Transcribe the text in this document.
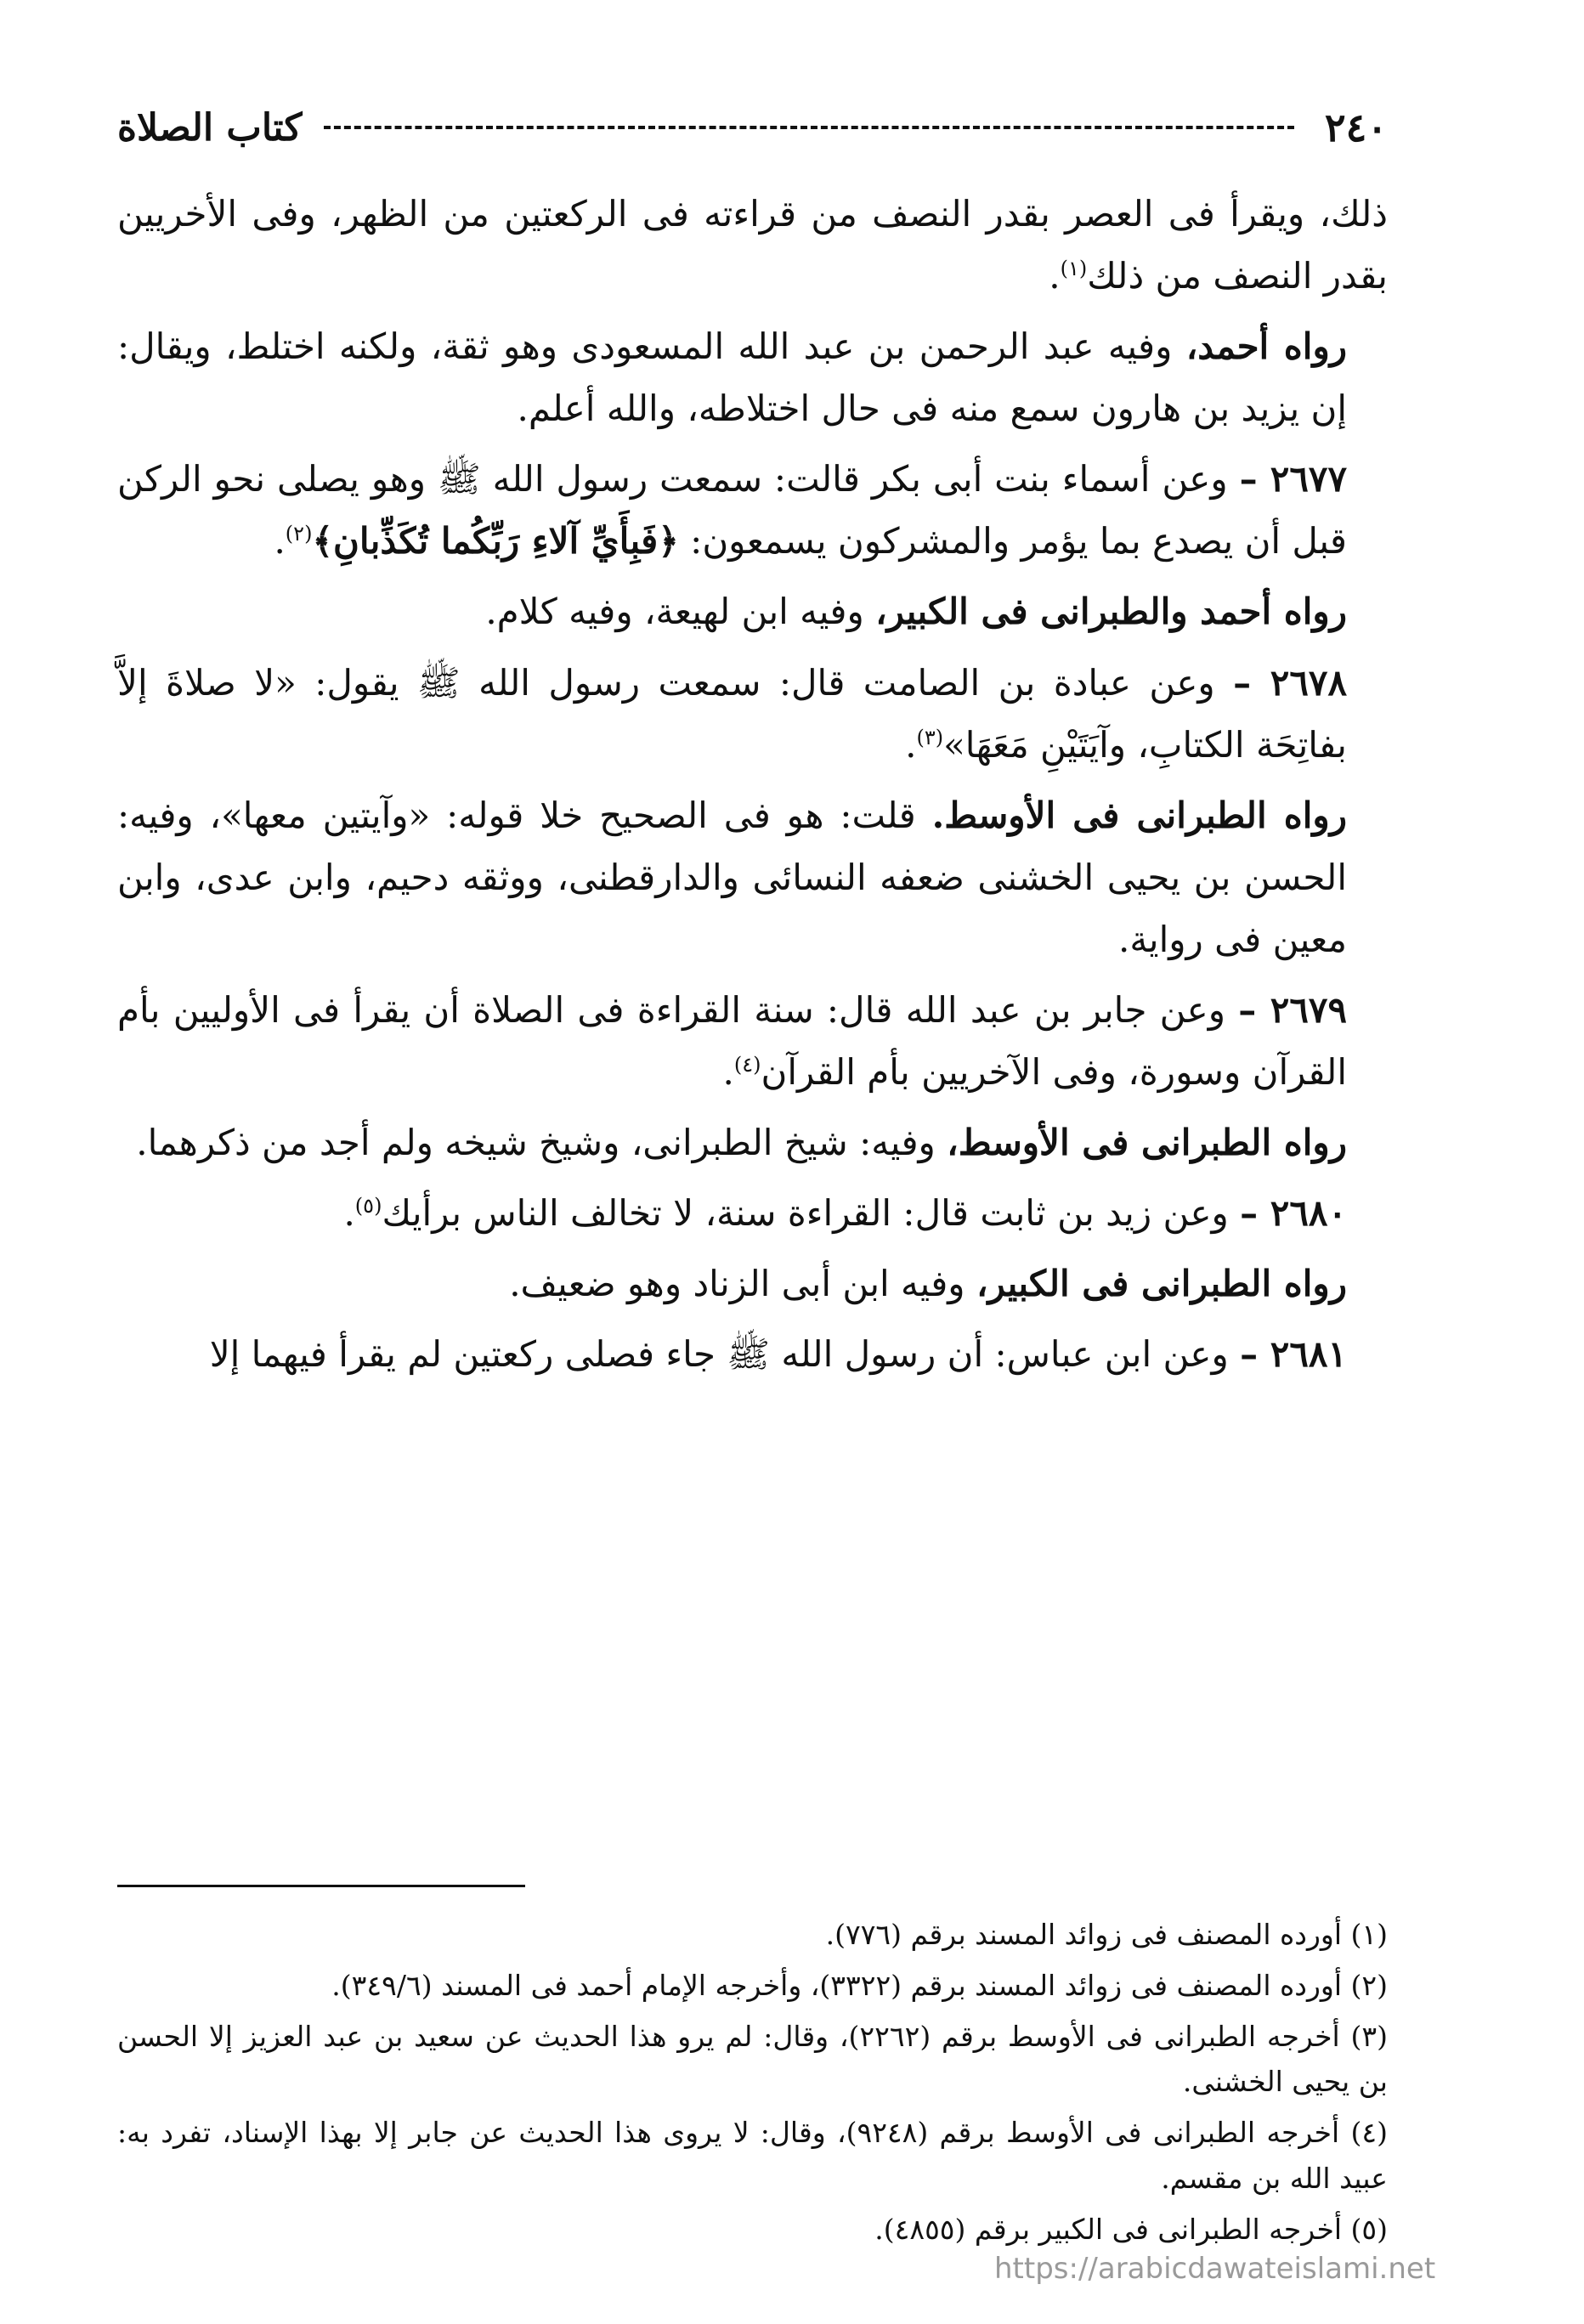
٢٤٠
كتاب الصلاة

ذلك، ويقرأ فى العصر بقدر النصف من قراءته فى الركعتين من الظهر، وفى الأخريين بقدر النصف من ذلك$^{(١)}$.

رواه أحمد، وفيه عبد الرحمن بن عبد الله المسعودى وهو ثقة، ولكنه اختلط، ويقال: إن يزيد بن هارون سمع منه فى حال اختلاطه، والله أعلم.

٢٦٧٧ – وعن أسماء بنت أبى بكر قالت: سمعت رسول الله ﷺ وهو يصلى نحو الركن قبل أن يصدع بما يؤمر والمشركون يسمعون: ﴿فَبِأَيِّ آلاءِ رَبِّكُما تُكَذِّبانِ﴾$^{(٢)}$.

رواه أحمد والطبرانى فى الكبير، وفيه ابن لهيعة، وفيه كلام.

٢٦٧٨ – وعن عبادة بن الصامت قال: سمعت رسول الله ﷺ يقول: «لا صلاةَ إلاَّ بفاتِحَة الكتابِ، وآيَتَيْنِ مَعَهَا»$^{(٣)}$.

رواه الطبرانى فى الأوسط. قلت: هو فى الصحيح خلا قوله: «وآيتين معها»، وفيه: الحسن بن يحيى الخشنى ضعفه النسائى والدارقطنى، ووثقه دحيم، وابن عدى، وابن معين فى رواية.

٢٦٧٩ – وعن جابر بن عبد الله قال: سنة القراءة فى الصلاة أن يقرأ فى الأوليين بأم القرآن وسورة، وفى الآخريين بأم القرآن$^{(٤)}$.

رواه الطبرانى فى الأوسط، وفيه: شيخ الطبرانى، وشيخ شيخه ولم أجد من ذكرهما.

٢٦٨٠ – وعن زيد بن ثابت قال: القراءة سنة، لا تخالف الناس برأيك$^{(٥)}$.

رواه الطبرانى فى الكبير، وفيه ابن أبى الزناد وهو ضعيف.

٢٦٨١ – وعن ابن عباس: أن رسول الله ﷺ جاء فصلى ركعتين لم يقرأ فيهما إلا

(١) أورده المصنف فى زوائد المسند برقم (٧٧٦).

(٢) أورده المصنف فى زوائد المسند برقم (٣٣٢٢)، وأخرجه الإمام أحمد فى المسند (٣٤٩/٦).

(٣) أخرجه الطبرانى فى الأوسط برقم (٢٢٦٢)، وقال: لم يرو هذا الحديث عن سعيد بن عبد العزيز إلا الحسن بن يحيى الخشنى.

(٤) أخرجه الطبرانى فى الأوسط برقم (٩٢٤٨)، وقال: لا يروى هذا الحديث عن جابر إلا بهذا الإسناد، تفرد به: عبيد الله بن مقسم.

(٥) أخرجه الطبرانى فى الكبير برقم (٤٨٥٥).

https://arabicdawateislami.net
